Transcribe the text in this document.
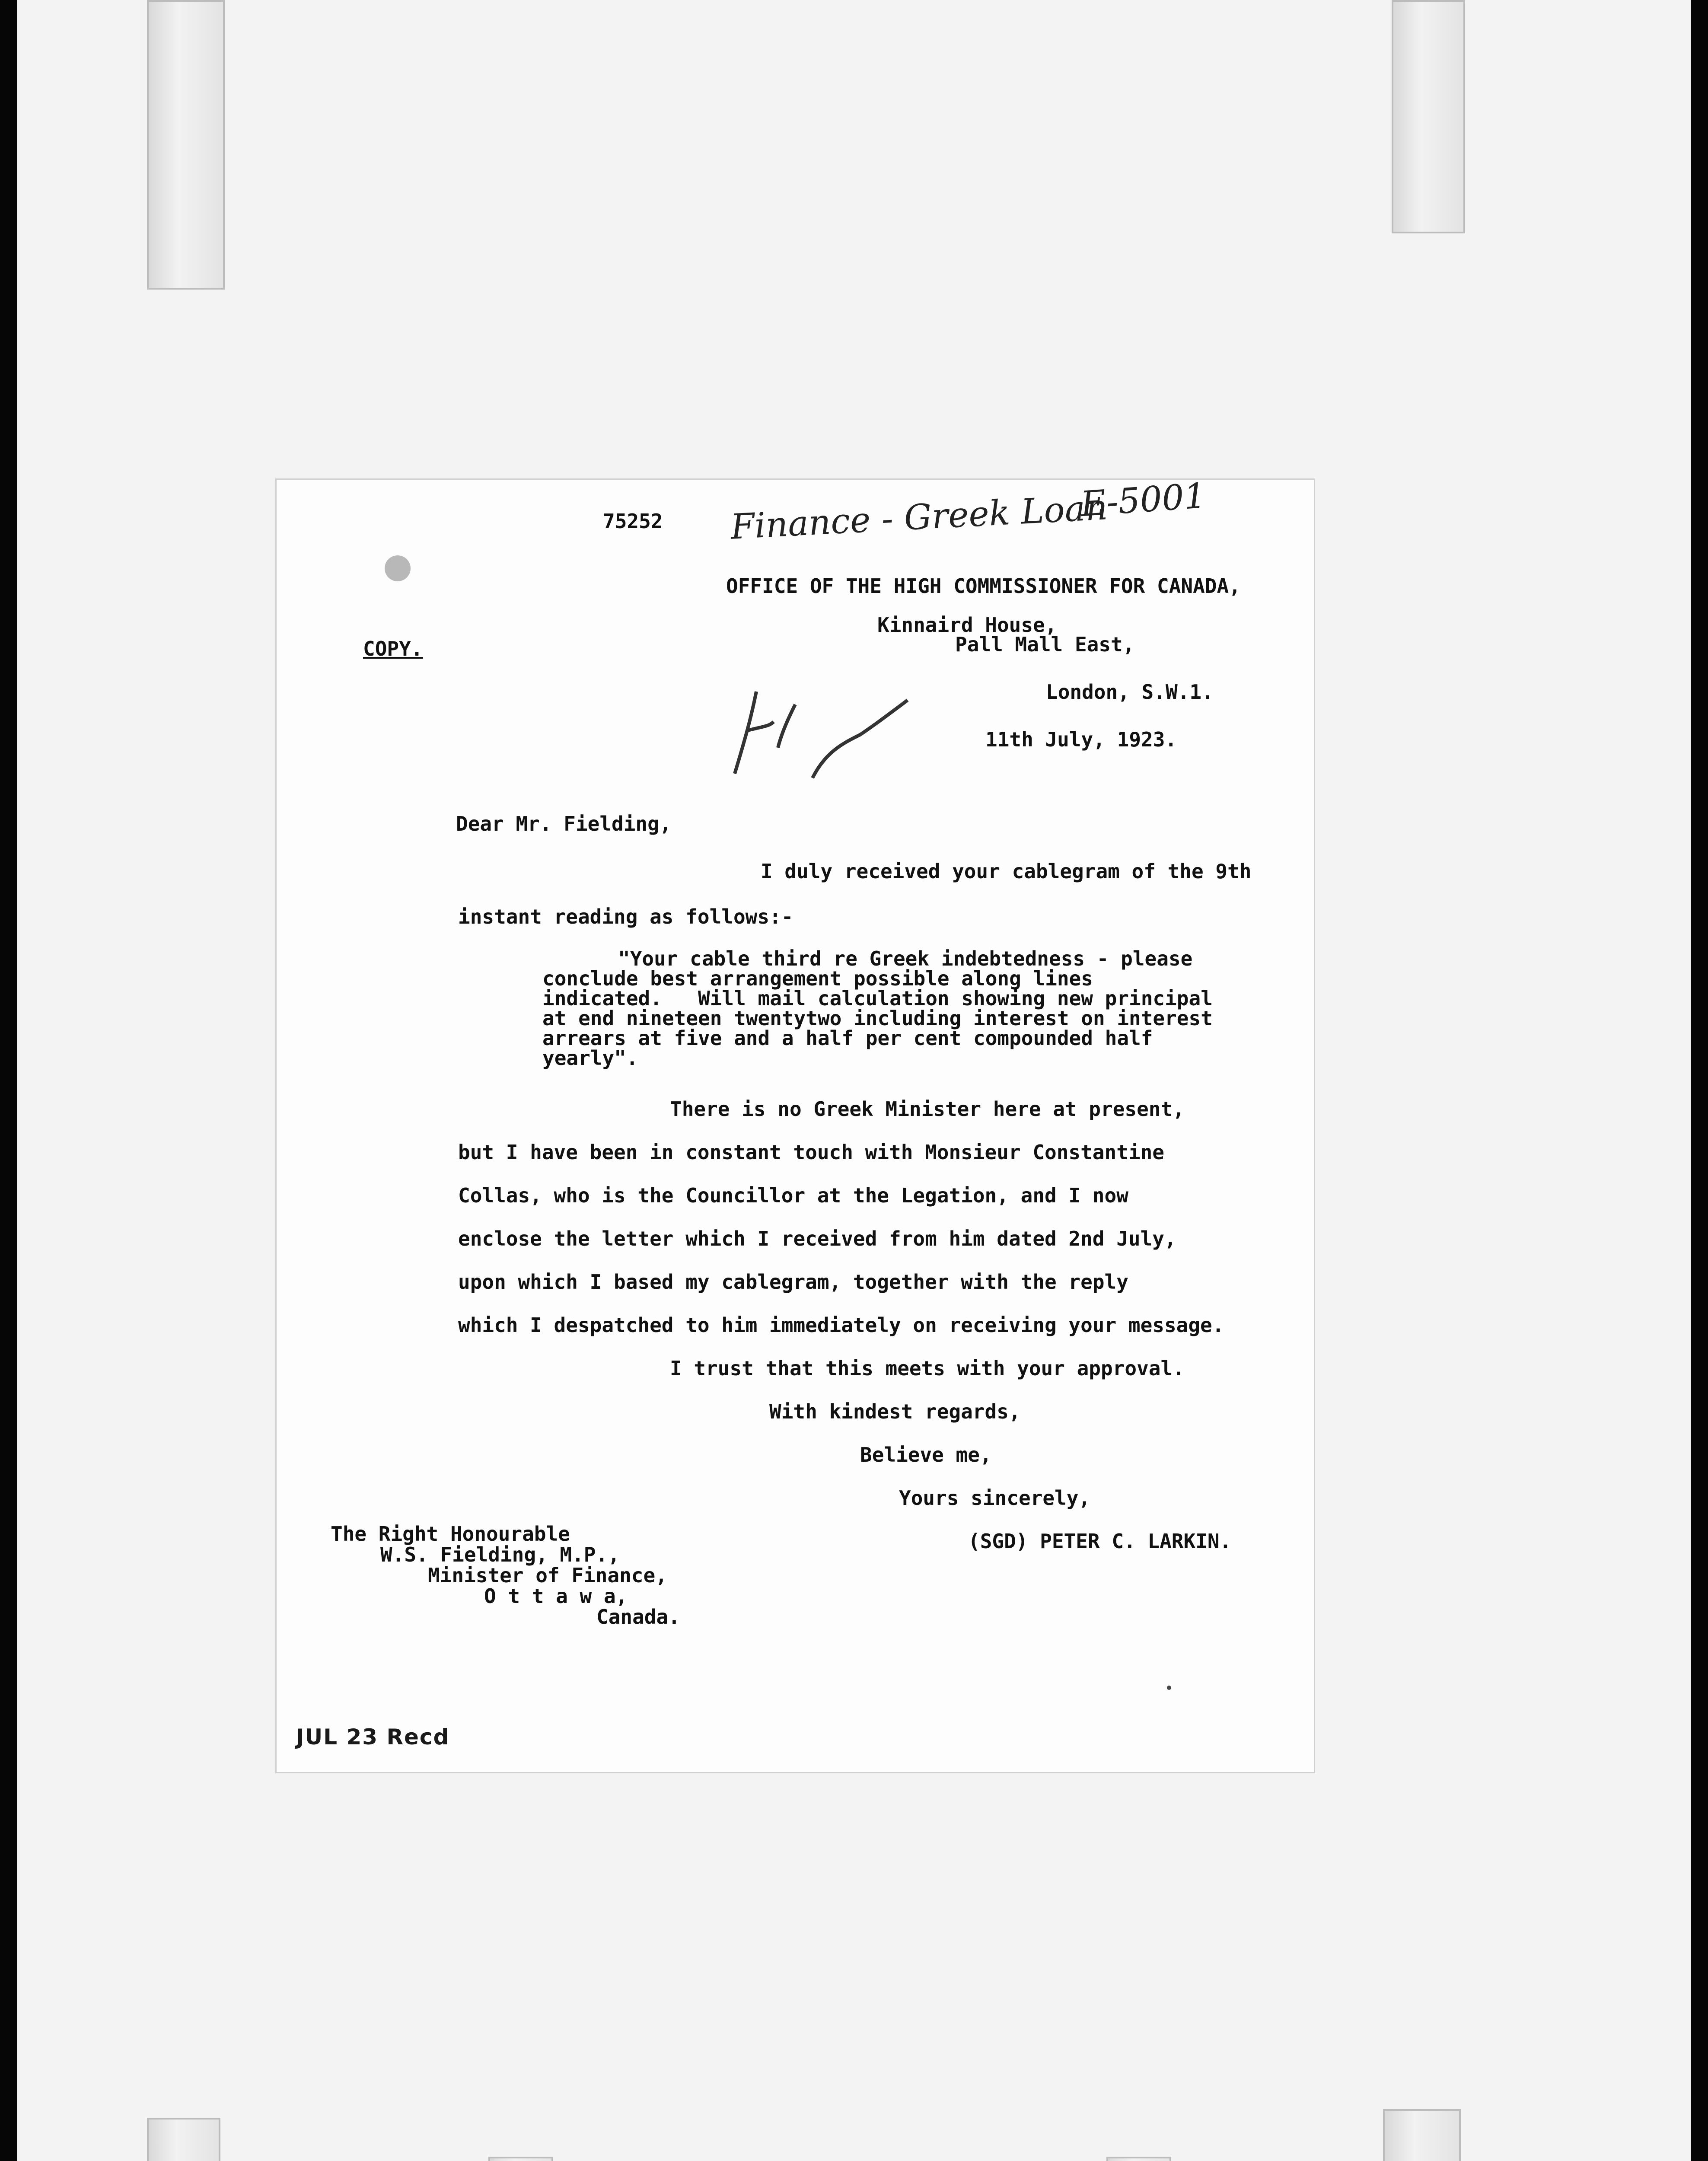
75252 Finance - Greek Loan
E-5001
OFFICE OF THE HIGH COMMISSIONER FOR CANADA,
Kinnaird House,
Pall Mall East,
London, S.W.1.
COPY.
11th July, 1923.
Dear Mr. Fielding,
I duly received your cablegram of the 9th
instant reading as follows:-
"Your cable third re Greek indebtedness - please
conclude best arrangement possible along lines
indicated.   Will mail calculation showing new principal
at end nineteen twentytwo including interest on interest
arrears at five and a half per cent compounded half
yearly".
There is no Greek Minister here at present,
but I have been in constant touch with Monsieur Constantine
Collas, who is the Councillor at the Legation, and I now
enclose the letter which I received from him dated 2nd July,
upon which I based my cablegram, together with the reply
which I despatched to him immediately on receiving your message.
I trust that this meets with your approval.
With kindest regards,
Believe me,
Yours sincerely,
(SGD) PETER C. LARKIN.
The Right Honourable
W.S. Fielding, M.P.,
Minister of Finance,
O t t a w a,
Canada.
JUL 23 Recd
